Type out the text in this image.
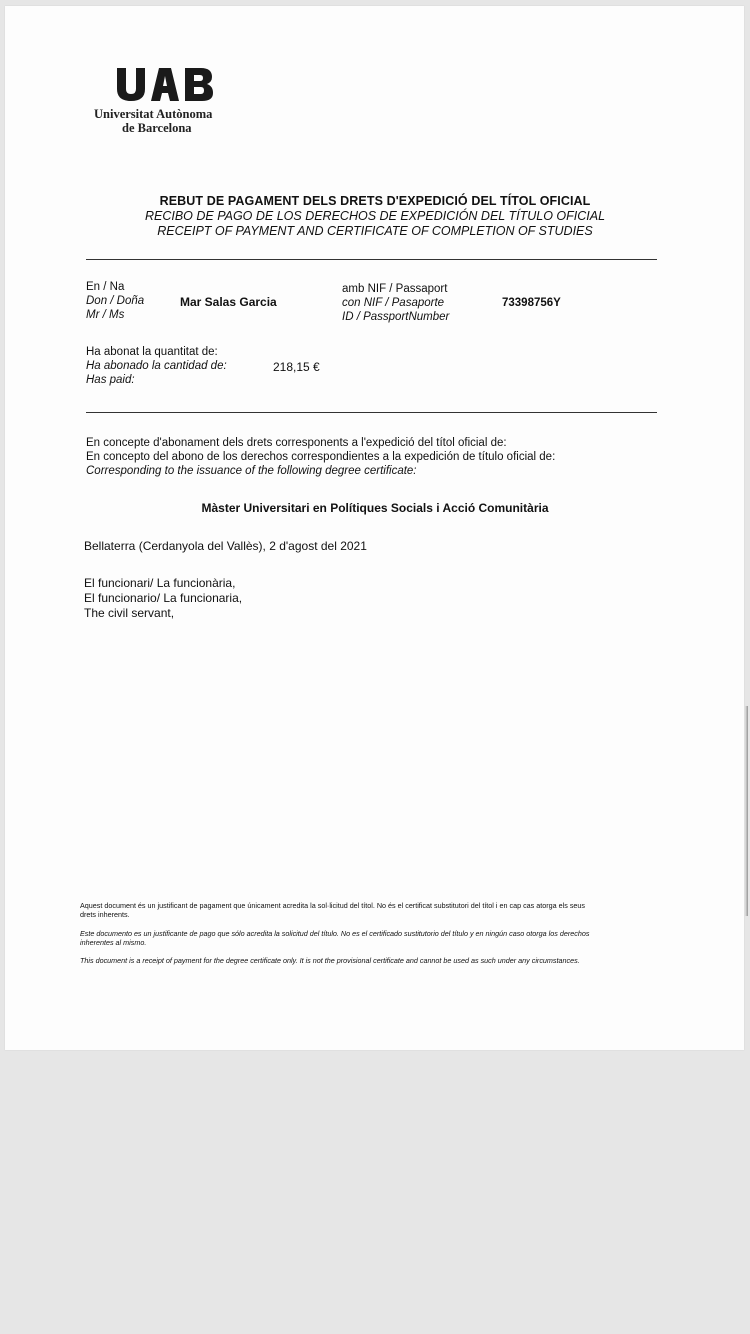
Universitat Autònoma
de Barcelona
REBUT DE PAGAMENT DELS DRETS D'EXPEDICIÓ DEL TÍTOL OFICIAL
RECIBO DE PAGO DE LOS DERECHOS DE EXPEDICIÓN DEL TÍTULO OFICIAL
RECEIPT OF PAYMENT AND CERTIFICATE OF COMPLETION OF STUDIES
En / Na
Don / Doña
Mr / Ms
Mar Salas Garcia
amb NIF / Passaport
con NIF / Pasaporte
ID / PassportNumber
73398756Y
Ha abonat la quantitat de:
Ha abonado la cantidad de:
Has paid:
218,15 €
En concepte d'abonament dels drets corresponents a l'expedició del títol oficial de:
En concepto del abono de los derechos correspondientes a la expedición de título oficial de:
Corresponding to the issuance of the following degree certificate:
Màster Universitari en Polítiques Socials i Acció Comunitària
Bellaterra (Cerdanyola del Vallès), 2 d'agost del 2021
El funcionari/ La funcionària,
El funcionario/ La funcionaria,
The civil servant,
Aquest document és un justificant de pagament que únicament acredita la sol·licitud del títol. No és el certificat substitutori del títol i en cap cas atorga els seus drets inherents.
Este documento es un justificante de pago que sólo acredita la solicitud del título. No es el certificado sustitutorio del título y en ningún caso otorga los derechos inherentes al mismo.
This document is a receipt of payment for the degree certificate only. It is not the provisional certificate and cannot be used as such under any circumstances.
